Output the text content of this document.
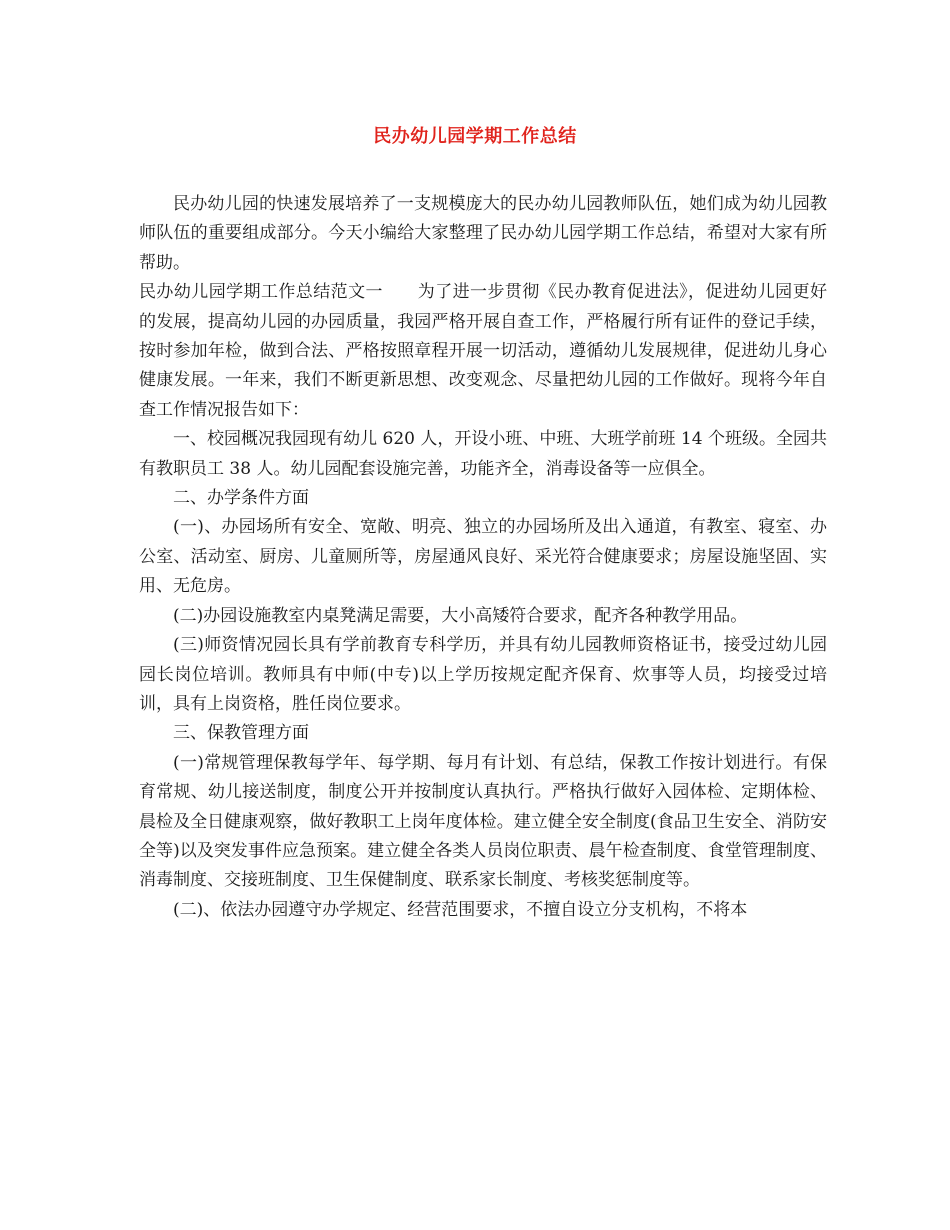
民办幼儿园学期工作总结

民办幼儿园的快速发展培养了一支规模庞大的民办幼儿园教师队伍，她们成为幼儿园教师队伍的重要组成部分。今天小编给大家整理了民办幼儿园学期工作总结，希望对大家有所帮助。

民办幼儿园学期工作总结范文一　　为了进一步贯彻《民办教育促进法》，促进幼儿园更好的发展，提高幼儿园的办园质量，我园严格开展自查工作，严格履行所有证件的登记手续，按时参加年检，做到合法、严格按照章程开展一切活动，遵循幼儿发展规律，促进幼儿身心健康发展。一年来，我们不断更新思想、改变观念、尽量把幼儿园的工作做好。现将今年自查工作情况报告如下：

一、校园概况我园现有幼儿 620 人，开设小班、中班、大班学前班 14 个班级。全园共有教职员工 38 人。幼儿园配套设施完善，功能齐全，消毒设备等一应俱全。

二、办学条件方面

(一)、办园场所有安全、宽敞、明亮、独立的办园场所及出入通道，有教室、寝室、办公室、活动室、厨房、儿童厕所等，房屋通风良好、采光符合健康要求；房屋设施坚固、实用、无危房。

(二)办园设施教室内桌凳满足需要，大小高矮符合要求，配齐各种教学用品。

(三)师资情况园长具有学前教育专科学历，并具有幼儿园教师资格证书，接受过幼儿园园长岗位培训。教师具有中师(中专)以上学历按规定配齐保育、炊事等人员，均接受过培训，具有上岗资格，胜任岗位要求。

三、保教管理方面

(一)常规管理保教每学年、每学期、每月有计划、有总结，保教工作按计划进行。有保育常规、幼儿接送制度，制度公开并按制度认真执行。严格执行做好入园体检、定期体检、晨检及全日健康观察，做好教职工上岗年度体检。建立健全安全制度(食品卫生安全、消防安全等)以及突发事件应急预案。建立健全各类人员岗位职责、晨午检查制度、食堂管理制度、消毒制度、交接班制度、卫生保健制度、联系家长制度、考核奖惩制度等。

(二)、依法办园遵守办学规定、经营范围要求，不擅自设立分支机构，不将本
